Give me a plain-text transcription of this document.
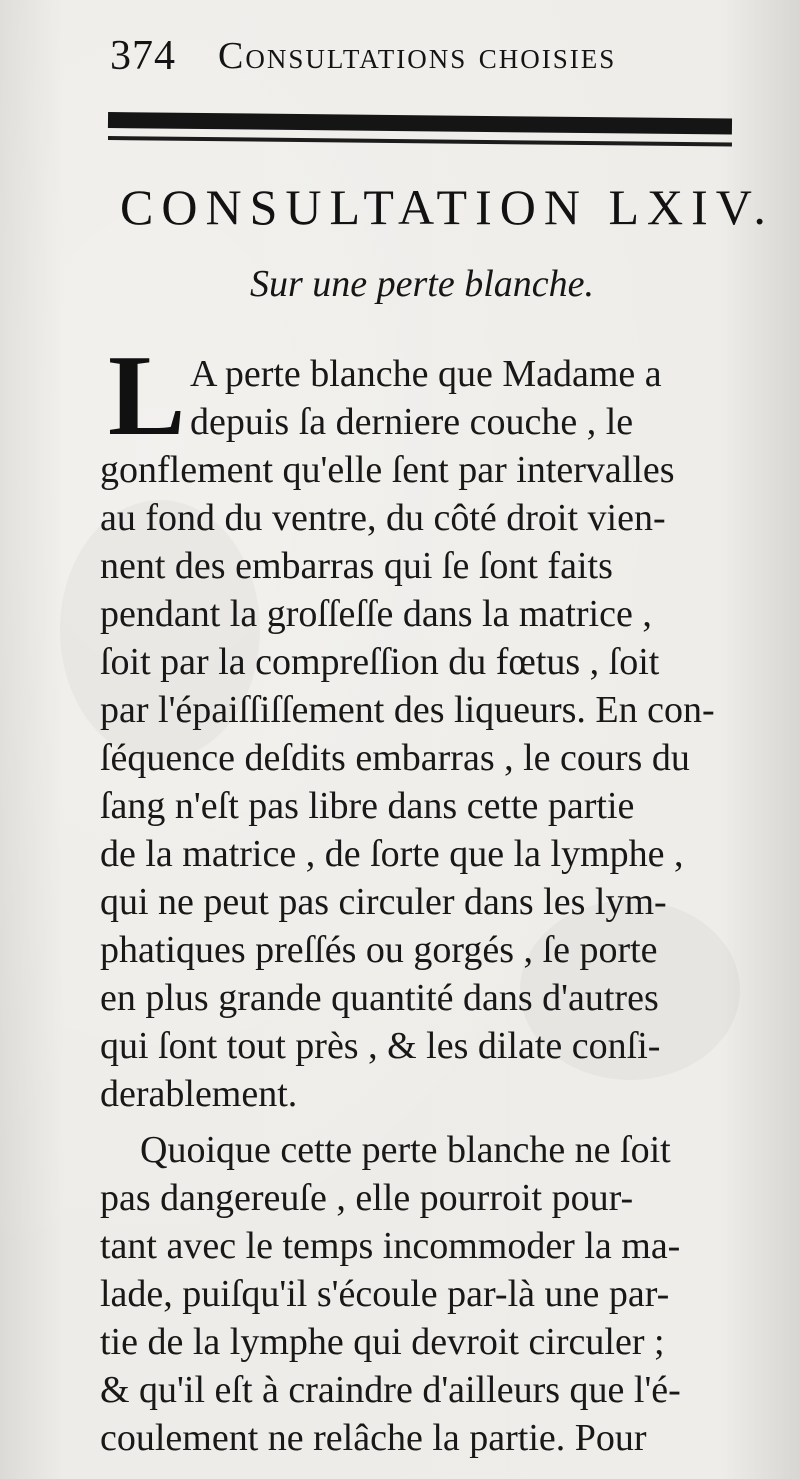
374 Consultations choisies
CONSULTATION LXIV.
Sur une perte blanche.
L A perte blanche que Madame a
depuis ſa derniere couche , le
gonflement qu'elle ſent par intervalles
au fond du ventre, du côté droit vien-
nent des embarras qui ſe ſont faits
pendant la groſſeſſe dans la matrice ,
ſoit par la compreſſion du fœtus , ſoit
par l'épaiſſiſſement des liqueurs. En con-
ſéquence deſdits embarras , le cours du
ſang n'eſt pas libre dans cette partie
de la matrice , de ſorte que la lymphe ,
qui ne peut pas circuler dans les lym-
phatiques preſſés ou gorgés , ſe porte
en plus grande quantité dans d'autres
qui ſont tout près , & les dilate conſi-
derablement.
Quoique cette perte blanche ne ſoit
pas dangereuſe , elle pourroit pour-
tant avec le temps incommoder la ma-
lade, puiſqu'il s'écoule par-là une par-
tie de la lymphe qui devroit circuler ;
& qu'il eſt à craindre d'ailleurs que l'é-
coulement ne relâche la partie. Pour
